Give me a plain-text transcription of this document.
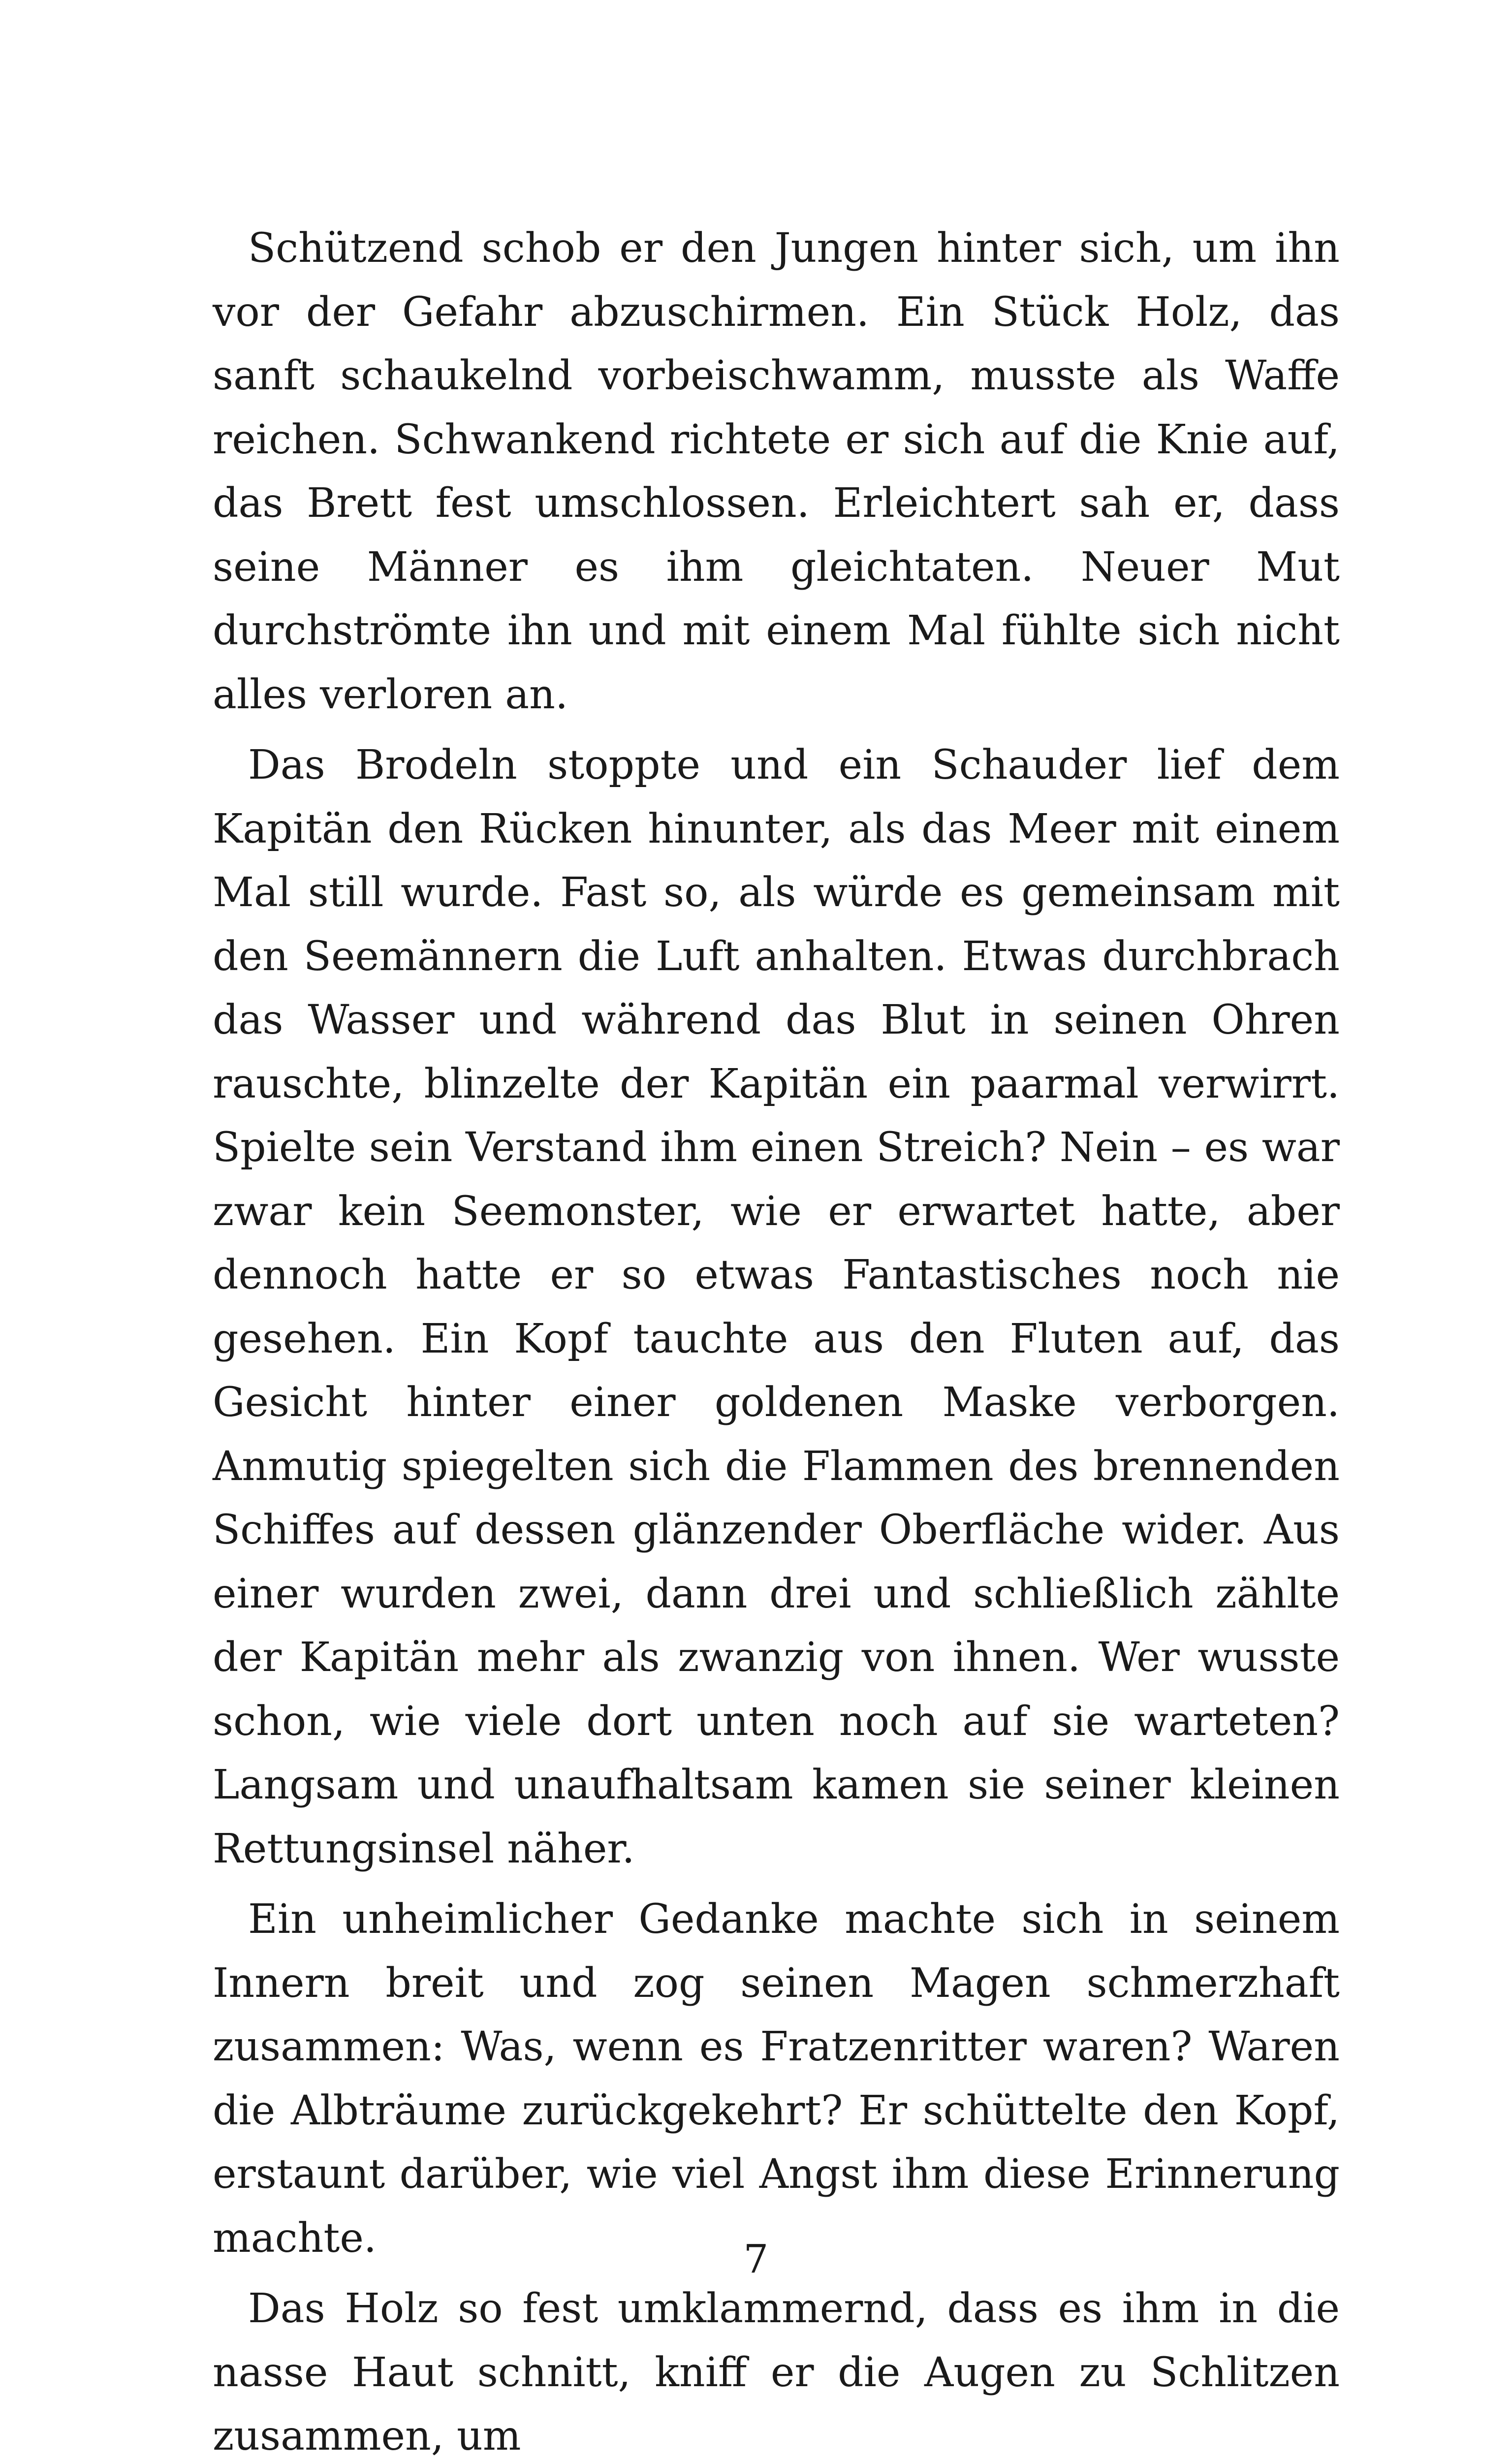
Schützend schob er den Jungen hinter sich, um ihn vor der Gefahr abzuschirmen. Ein Stück Holz, das sanft schaukelnd vorbeischwamm, musste als Waffe reichen. Schwankend richtete er sich auf die Knie auf, das Brett fest umschlossen. Erleichtert sah er, dass seine Männer es ihm gleichtaten. Neuer Mut durchströmte ihn und mit einem Mal fühlte sich nicht alles verloren an.

Das Brodeln stoppte und ein Schauder lief dem Kapitän den Rücken hinunter, als das Meer mit einem Mal still wurde. Fast so, als würde es gemeinsam mit den Seemännern die Luft anhalten. Etwas durchbrach das Wasser und während das Blut in seinen Ohren rauschte, blinzelte der Kapitän ein paarmal verwirrt. Spielte sein Verstand ihm einen Streich? Nein – es war zwar kein Seemonster, wie er erwartet hatte, aber dennoch hatte er so etwas Fantastisches noch nie gesehen. Ein Kopf tauchte aus den Fluten auf, das Gesicht hinter einer goldenen Maske verborgen. Anmutig spiegelten sich die Flammen des brennenden Schiffes auf dessen glänzender Oberfläche wider. Aus einer wurden zwei, dann drei und schließlich zählte der Kapitän mehr als zwanzig von ihnen. Wer wusste schon, wie viele dort unten noch auf sie warteten? Langsam und unaufhaltsam kamen sie seiner kleinen Rettungsinsel näher.

Ein unheimlicher Gedanke machte sich in seinem Innern breit und zog seinen Magen schmerzhaft zusammen: Was, wenn es Fratzenritter waren? Waren die Albträume zurückgekehrt? Er schüttelte den Kopf, erstaunt darüber, wie viel Angst ihm diese Erinnerung machte.

Das Holz so fest umklammernd, dass es ihm in die nasse Haut schnitt, kniff er die Augen zu Schlitzen zusammen, um

7
